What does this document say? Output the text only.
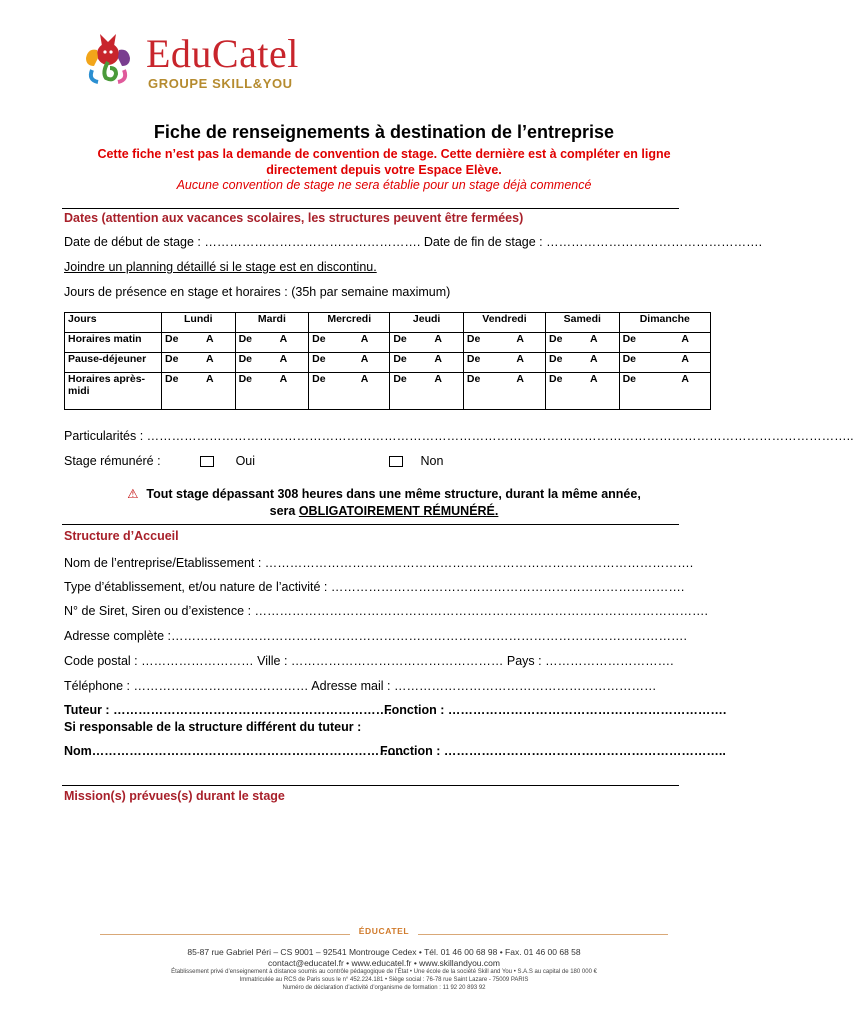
EduCatel
GROUPE SKILL&YOU
Fiche de renseignements à destination de l’entreprise
Cette fiche n’est pas la demande de convention de stage. Cette dernière est à compléter en ligne
directement depuis votre Espace Elève.
Aucune convention de stage ne sera établie pour un stage déjà commencé
Dates (attention aux vacances scolaires, les structures peuvent être fermées)
Date de début de stage : ……………………………………………. Date de fin de stage : …………………………………………….
Joindre un planning détaillé si le stage est en discontinu.
Jours de présence en stage et horaires : (35h par semaine maximum)
Jours	Lundi	Mardi	Mercredi	Jeudi	Vendredi	Samedi	Dimanche
Horaires matin	De A	De A	De A	De A	De A	De A	De A

Pause-déjeuner	De A	De A	De A	De A	De A	De A	De A

Horaires après-midi	De A	De A	De A	De A	De A	De A	De A
Particularités : ……………………………………………………………………………………………………………………………………………………..
Stage rémunéré :	Oui	Non
⚠ Tout stage dépassant 308 heures dans une même structure, durant la même année,
sera OBLIGATOIREMENT RÉMUNÉRÉ.
Structure d’Accueil
Nom de l’entreprise/Etablissement : ………………………………………………………………………………………….
Type d’établissement, et/ou nature de l’activité : ………………………………………………………………………….
N° de Siret, Siren ou d’existence : ……………………………………………………………………………………………….
Adresse complète :…………………………………………………………………………………………………………….
Code postal : ……………………… Ville : …………………………………………… Pays : ………………………….
Téléphone : …………………………………… Adresse mail : ………………………………………………………
Tuteur : ………………………………………………………….
Fonction : ………………………………………………………….
Si responsable de la structure différent du tuteur :
Nom…………………………………………………………………
Fonction : …………………………………………………………..
Mission(s) prévues(s) durant le stage
ÉDUCATEL
85-87 rue Gabriel Péri – CS 9001 – 92541 Montrouge Cedex • Tél. 01 46 00 68 98 • Fax. 01 46 00 68 58
contact@educatel.fr • www.educatel.fr • www.skillandyou.com
Établissement privé d’enseignement à distance soumis au contrôle pédagogique de l’État • Une école de la société Skill and You • S.A.S au capital de 180 000 €
Immatriculée au RCS de Paris sous le n° 452.224.181 • Siège social : 76-78 rue Saint Lazare - 75009 PARIS
Numéro de déclaration d’activité d’organisme de formation : 11 92 20 893 92
